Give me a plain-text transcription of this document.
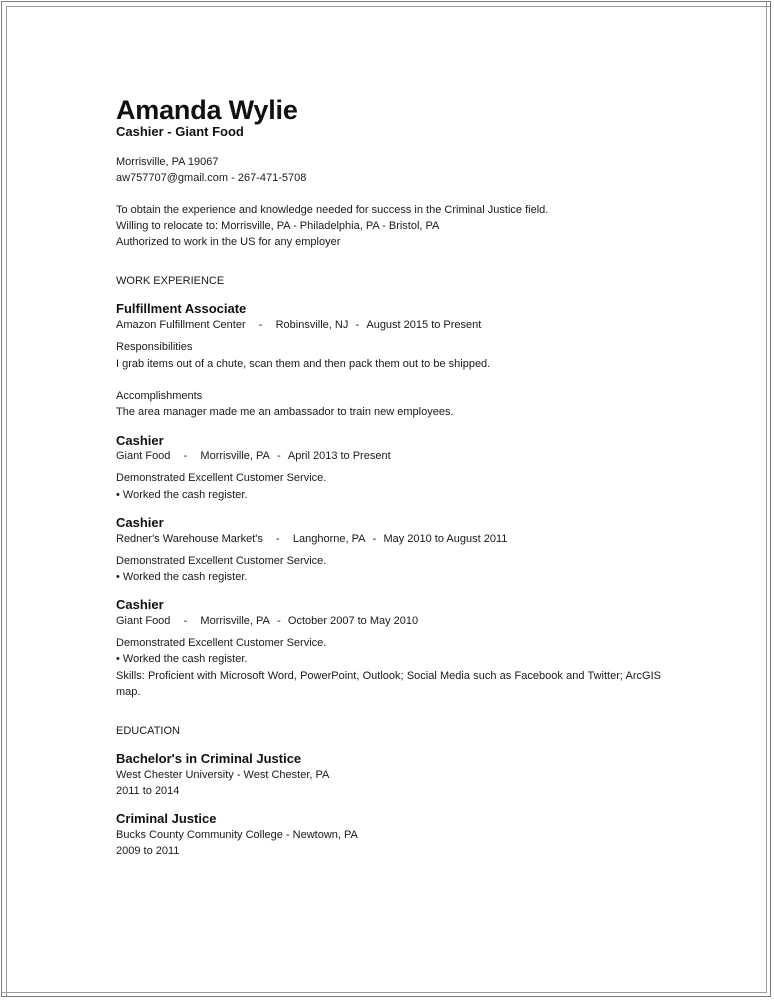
Amanda Wylie
Cashier - Giant Food
Morrisville, PA 19067
aw757707@gmail.com - 267-471-5708
To obtain the experience and knowledge needed for success in the Criminal Justice field.
Willing to relocate to: Morrisville, PA - Philadelphia, PA - Bristol, PA
Authorized to work in the US for any employer
WORK EXPERIENCE
Fulfillment Associate
Amazon Fulfillment Center - Robinsville, NJ - August 2015 to Present
Responsibilities
I grab items out of a chute, scan them and then pack them out to be shipped.
Accomplishments
The area manager made me an ambassador to train new employees.
Cashier
Giant Food - Morrisville, PA - April 2013 to Present
Demonstrated Excellent Customer Service.
• Worked the cash register.
Cashier
Redner's Warehouse Market's - Langhorne, PA - May 2010 to August 2011
Demonstrated Excellent Customer Service.
• Worked the cash register.
Cashier
Giant Food - Morrisville, PA - October 2007 to May 2010
Demonstrated Excellent Customer Service.
• Worked the cash register.
Skills: Proficient with Microsoft Word, PowerPoint, Outlook; Social Media such as Facebook and Twitter; ArcGIS map.
EDUCATION
Bachelor's in Criminal Justice
West Chester University - West Chester, PA
2011 to 2014
Criminal Justice
Bucks County Community College - Newtown, PA
2009 to 2011
